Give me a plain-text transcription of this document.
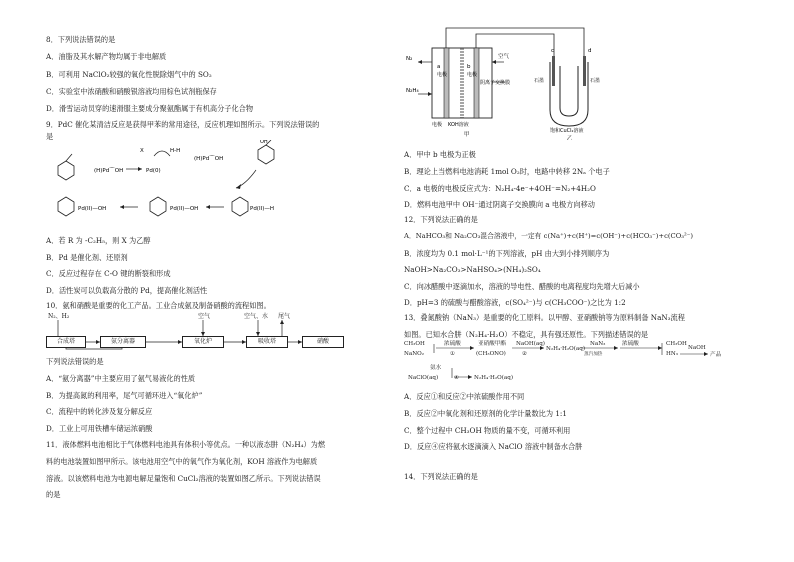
8．下列说法错误的是
A．油脂及其水解产物均属于非电解质
B．可利用 NaClO₂较强的氧化性脱除烟气中的 SO₂
C．实验室中浓硝酸和硝酸银溶液均用棕色试剂瓶保存
D．滑雪运动员穿的速滑服主要成分聚氨酯属于有机高分子化合物
9．PdC 催化某清洁反应是获得甲苯的常用途径，反应机理如图所示。下列说法错误的
是
(H)Pd⌒OH	Pd(0)
X	H-H
(H)Pd⌒OH
OH
Pd(II)—OH	Pd(II)—OH	Pd(II)—H
A．若 R 为 -C₂H₅，则 X 为乙醇
B．Pd 是催化剂、还原剂
C．反应过程存在 C-O 键的断裂和形成
D．活性炭可以负载高分散的 Pd，提高催化剂活性
10．氨和硝酸是重要的化工产品。工业合成氨及制备硝酸的流程如图。
N₂、H₂	空气	空气、水 尾气
合成塔	氨分离器	氧化炉	吸收塔	硝酸
下列说法错误的是
A．“氨分离器”中主要应用了氨气易液化的性质
B．为提高氮的利用率，尾气可循环进入“氧化炉”
C．流程中的转化涉及复分解反应
D．工业上可用铁槽车储运浓硝酸
11．液体燃料电池相比于气体燃料电池具有体积小等优点。一种以液态肼（N₂H₄）为燃
料的电池装置如图甲所示。该电池用空气中的氧气作为氧化剂，KOH 溶液作为电解质
溶液。以该燃料电池为电源电解足量饱和 CuCl₂溶液的装置如图乙所示。下列说法错误
的是
N₂
N₂H₄
空气
a
电极
b
电极
阴离子交换膜
电极 KOH溶液
甲
c	d
石墨	石墨
饱和CuCl₂溶液
乙
A．甲中 b 电极为正极
B．理论上当燃料电池消耗 1mol O₂时，电路中转移 2Nₐ 个电子
C．a 电极的电极反应式为：N₂H₄-4e⁻+4OH⁻=N₂+4H₂O
D．燃料电池甲中 OH⁻通过阴离子交换膜向 a 电极方向移动
12．下列说法正确的是
A．NaHCO₃和 Na₂CO₃混合溶液中，一定有 c(Na⁺)+c(H⁺)=c(OH⁻)+c(HCO₃⁻)+c(CO₃²⁻)
B．浓度均为 0.1 mol·L⁻¹的下列溶液，pH 由大到小排列顺序为
NaOH>Na₂CO₃>NaHSO₄>(NH₄)₂SO₄
C．向冰醋酸中逐滴加水，溶液的导电性、醋酸的电离程度均先增大后减小
D．pH=3 的硫酸与醋酸溶液，c(SO₄²⁻)与 c(CH₃COO⁻)之比为 1:2
13．叠氮酸钠（NaN₃）是重要的化工原料。以甲醇、亚硝酸钠等为原料制备 NaN₃流程
如图。已知水合肼（N₂H₄·H₂O）不稳定，具有强还原性。下列描述错误的是
CH₃OH
NaNO₂
浓硫酸
①
亚硝酸甲酯
(CH₃ONO)
NaOH(aq)
②
N₂H₄·H₂O(aq)
NaN₃
蒸汽加热
浓硫酸	CH₃OH
HN₃
NaOH
产品
氨水
NaClO(aq)	④	N₂H₄·H₂O(aq)
A．反应①和反应②中浓硫酸作用不同
B．反应②中氧化剂和还原剂的化学计量数比为 1:1
C．整个过程中 CH₃OH 物质的量不变，可循环利用
D．反应④应将氨水逐滴滴入 NaClO 溶液中制备水合肼
14．下列说法正确的是
